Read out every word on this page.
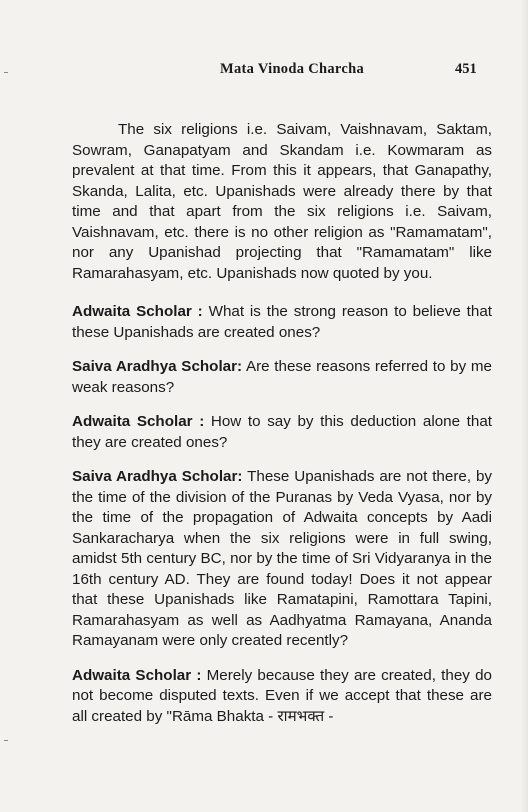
Mata Vinoda Charcha	451

The six religions i.e. Saivam, Vaishnavam, Saktam, Sowram, Ganapatyam and Skandam i.e. Kowmaram as prevalent at that time. From this it appears, that Ganapathy, Skanda, Lalita, etc. Upanishads were already there by that time and that apart from the six religions i.e. Saivam, Vaishnavam, etc. there is no other religion as "Ramamatam", nor any Upanishad projecting that "Ramamatam" like Ramarahasyam, etc. Upanishads now quoted by you.

Adwaita Scholar : What is the strong reason to believe that these Upanishads are created ones?

Saiva Aradhya Scholar: Are these reasons referred to by me weak reasons?

Adwaita Scholar : How to say by this deduction alone that they are created ones?

Saiva Aradhya Scholar: These Upanishads are not there, by the time of the division of the Puranas by Veda Vyasa, nor by the time of the propagation of Adwaita concepts by Aadi Sankaracharya when the six religions were in full swing, amidst 5th century BC, nor by the time of Sri Vidyaranya in the 16th century AD. They are found today! Does it not appear that these Upanishads like Ramatapini, Ramottara Tapini, Ramarahasyam as well as Aadhyatma Ramayana, Ananda Ramayanam were only created recently?

Adwaita Scholar : Merely because they are created, they do not become disputed texts. Even if we accept that these are all created by "Rāma Bhakta - रामभक्त -
